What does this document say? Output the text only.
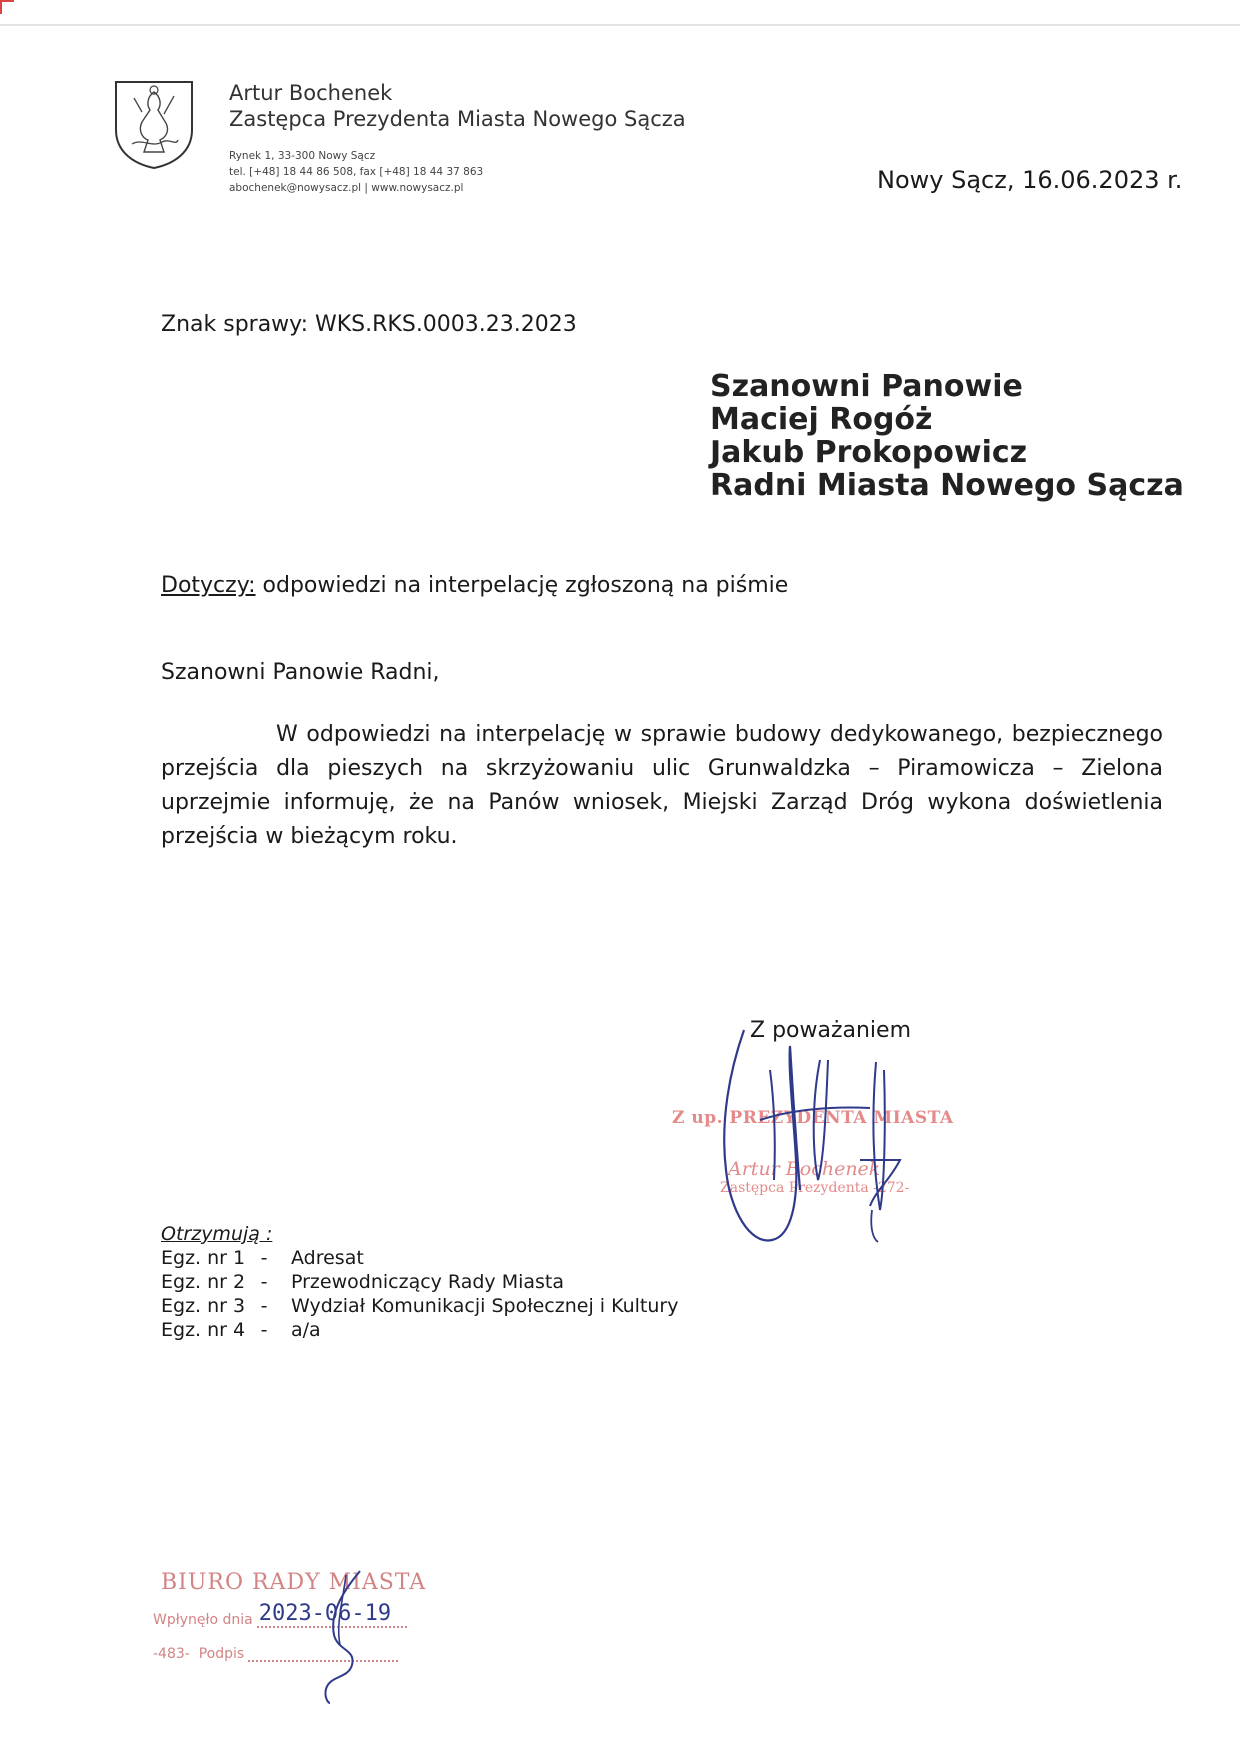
Artur Bochenek
Zastępca Prezydenta Miasta Nowego Sącza
Rynek 1, 33-300 Nowy Sącz
tel. [+48] 18 44 86 508, fax [+48] 18 44 37 863
abochenek@nowysacz.pl | www.nowysacz.pl	Nowy Sącz, 16.06.2023 r.
Znak sprawy: WKS.RKS.0003.23.2023
Szanowni Panowie
Maciej Rogóż
Jakub Prokopowicz
Radni Miasta Nowego Sącza
Dotyczy: odpowiedzi na interpelację zgłoszoną na piśmie
Szanowni Panowie Radni,

W odpowiedzi na interpelację w sprawie budowy dedykowanego, bezpiecznego przejścia dla pieszych na skrzyżowaniu ulic Grunwaldzka – Piramowicza – Zielona uprzejmie informuję, że na Panów wniosek, Miejski Zarząd Dróg wykona doświetlenia przejścia w bieżącym roku.

Z poważaniem
Z up. PREZYDENTA MIASTA
Artur Bochenek
Zastępca Prezydenta -272-
Otrzymują :
Egz. nr 1 - Adresat
Egz. nr 2 - Przewodniczący Rady Miasta
Egz. nr 3 - Wydział Komunikacji Społecznej i Kultury
Egz. nr 4 - a/a
BIURO RADY MIASTA
Wpłynęło dnia 2023-06-19
-483-
Podpis
